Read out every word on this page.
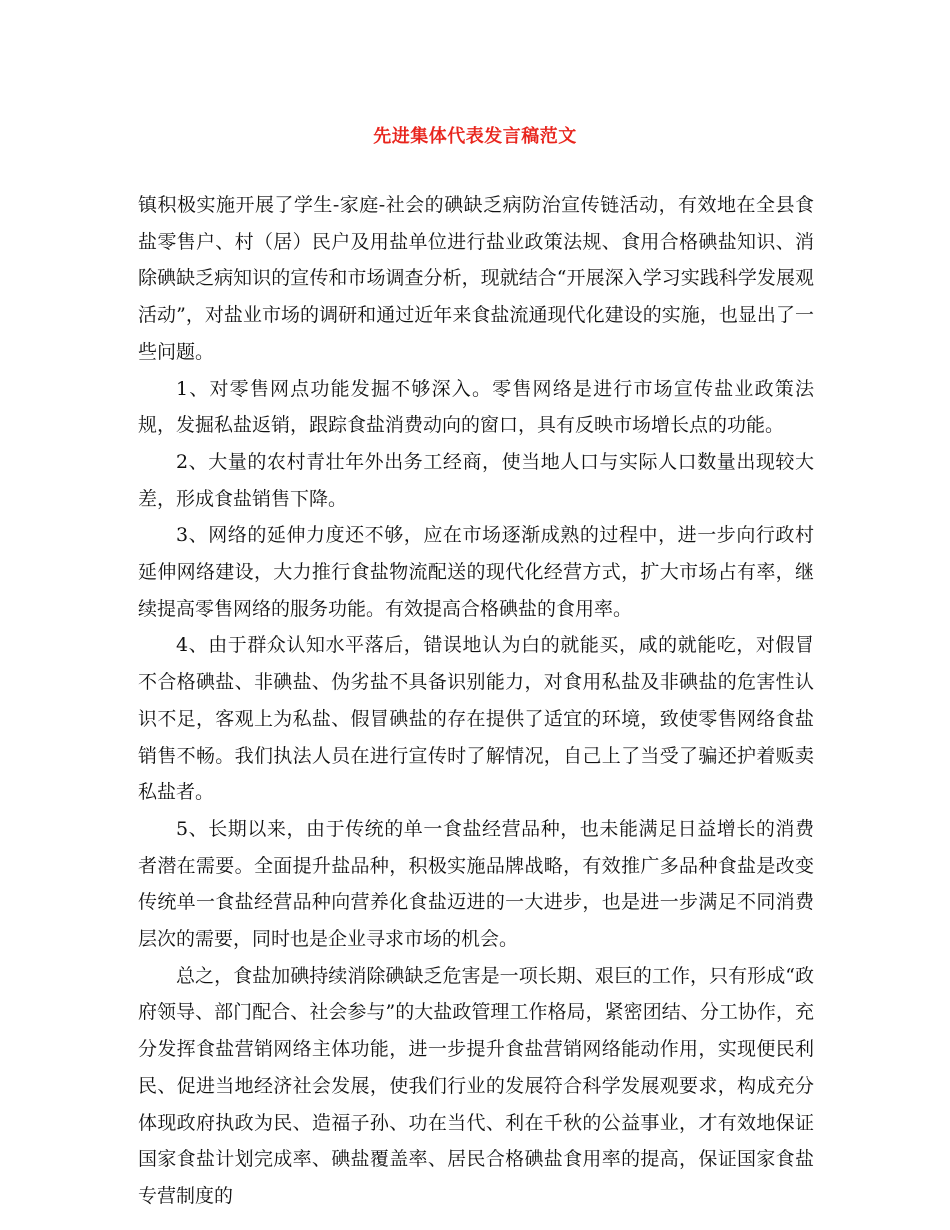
先进集体代表发言稿范文

镇积极实施开展了学生-家庭-社会的碘缺乏病防治宣传链活动，有效地在全县食盐零售户、村（居）民户及用盐单位进行盐业政策法规、食用合格碘盐知识、消除碘缺乏病知识的宣传和市场调查分析，现就结合“开展深入学习实践科学发展观活动”，对盐业市场的调研和通过近年来食盐流通现代化建设的实施，也显出了一些问题。

1、对零售网点功能发掘不够深入。零售网络是进行市场宣传盐业政策法规，发掘私盐返销，跟踪食盐消费动向的窗口，具有反映市场增长点的功能。

2、大量的农村青壮年外出务工经商，使当地人口与实际人口数量出现较大差，形成食盐销售下降。

3、网络的延伸力度还不够，应在市场逐渐成熟的过程中，进一步向行政村延伸网络建设，大力推行食盐物流配送的现代化经营方式，扩大市场占有率，继续提高零售网络的服务功能。有效提高合格碘盐的食用率。

4、由于群众认知水平落后，错误地认为白的就能买，咸的就能吃，对假冒不合格碘盐、非碘盐、伪劣盐不具备识别能力，对食用私盐及非碘盐的危害性认识不足，客观上为私盐、假冒碘盐的存在提供了适宜的环境，致使零售网络食盐销售不畅。我们执法人员在进行宣传时了解情况，自己上了当受了骗还护着贩卖私盐者。

5、长期以来，由于传统的单一食盐经营品种，也未能满足日益增长的消费者潜在需要。全面提升盐品种，积极实施品牌战略，有效推广多品种食盐是改变传统单一食盐经营品种向营养化食盐迈进的一大进步，也是进一步满足不同消费层次的需要，同时也是企业寻求市场的机会。

总之，食盐加碘持续消除碘缺乏危害是一项长期、艰巨的工作，只有形成“政府领导、部门配合、社会参与”的大盐政管理工作格局，紧密团结、分工协作，充分发挥食盐营销网络主体功能，进一步提升食盐营销网络能动作用，实现便民利民、促进当地经济社会发展，使我们行业的发展符合科学发展观要求，构成充分体现政府执政为民、造福子孙、功在当代、利在千秋的公益事业，才有效地保证国家食盐计划完成率、碘盐覆盖率、居民合格碘盐食用率的提高，保证国家食盐专营制度的
